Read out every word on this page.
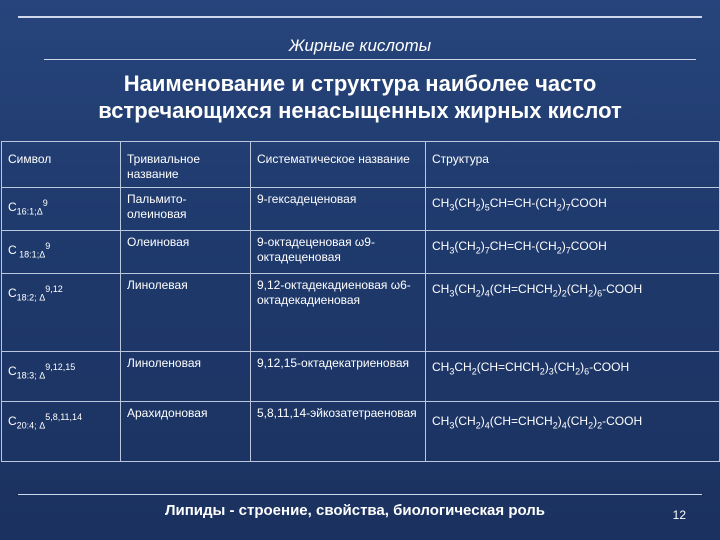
Жирные кислоты
Наименование и структура наиболее часто
встречающихся ненасыщенных жирных кислот
Символ	Тривиальное название	Систематическое название	Структура
$C_{16:1;\Delta}^9$	Пальмито-олеиновая	9-гексадеценовая	$CH_3(CH_2)_5CH=CH-(CH_2)_7COOH$
C $_{18:1;\Delta}^9$	Олеиновая	9-октадеценовая ω9-октадеценовая	$CH_3(CH_2)_7CH=CH-(CH_2)_7COOH$
$C_{18:2; \Delta}^{9,12}$	Линолевая	9,12-октадекадиеновая ω6-октадекадиеновая	$CH_3(CH_2)_4(CH=CHCH_2)_2(CH_2)_6$-COOH
$C_{18:3; \Delta}^{9,12,15}$	Линоленовая	9,12,15-октадекатриеновая	$CH_3CH_2(CH=CHCH_2)_3(CH_2)_6$-COOH
$C_{20:4; \Delta}^{5,8,11,14}$	Арахидоновая	5,8,11,14-эйкозатетраеновая	$CH_3(CH_2)_4(CH=CHCH_2)_4(CH_2)_2$-COOH
Липиды - строение, свойства, биологическая роль	12
